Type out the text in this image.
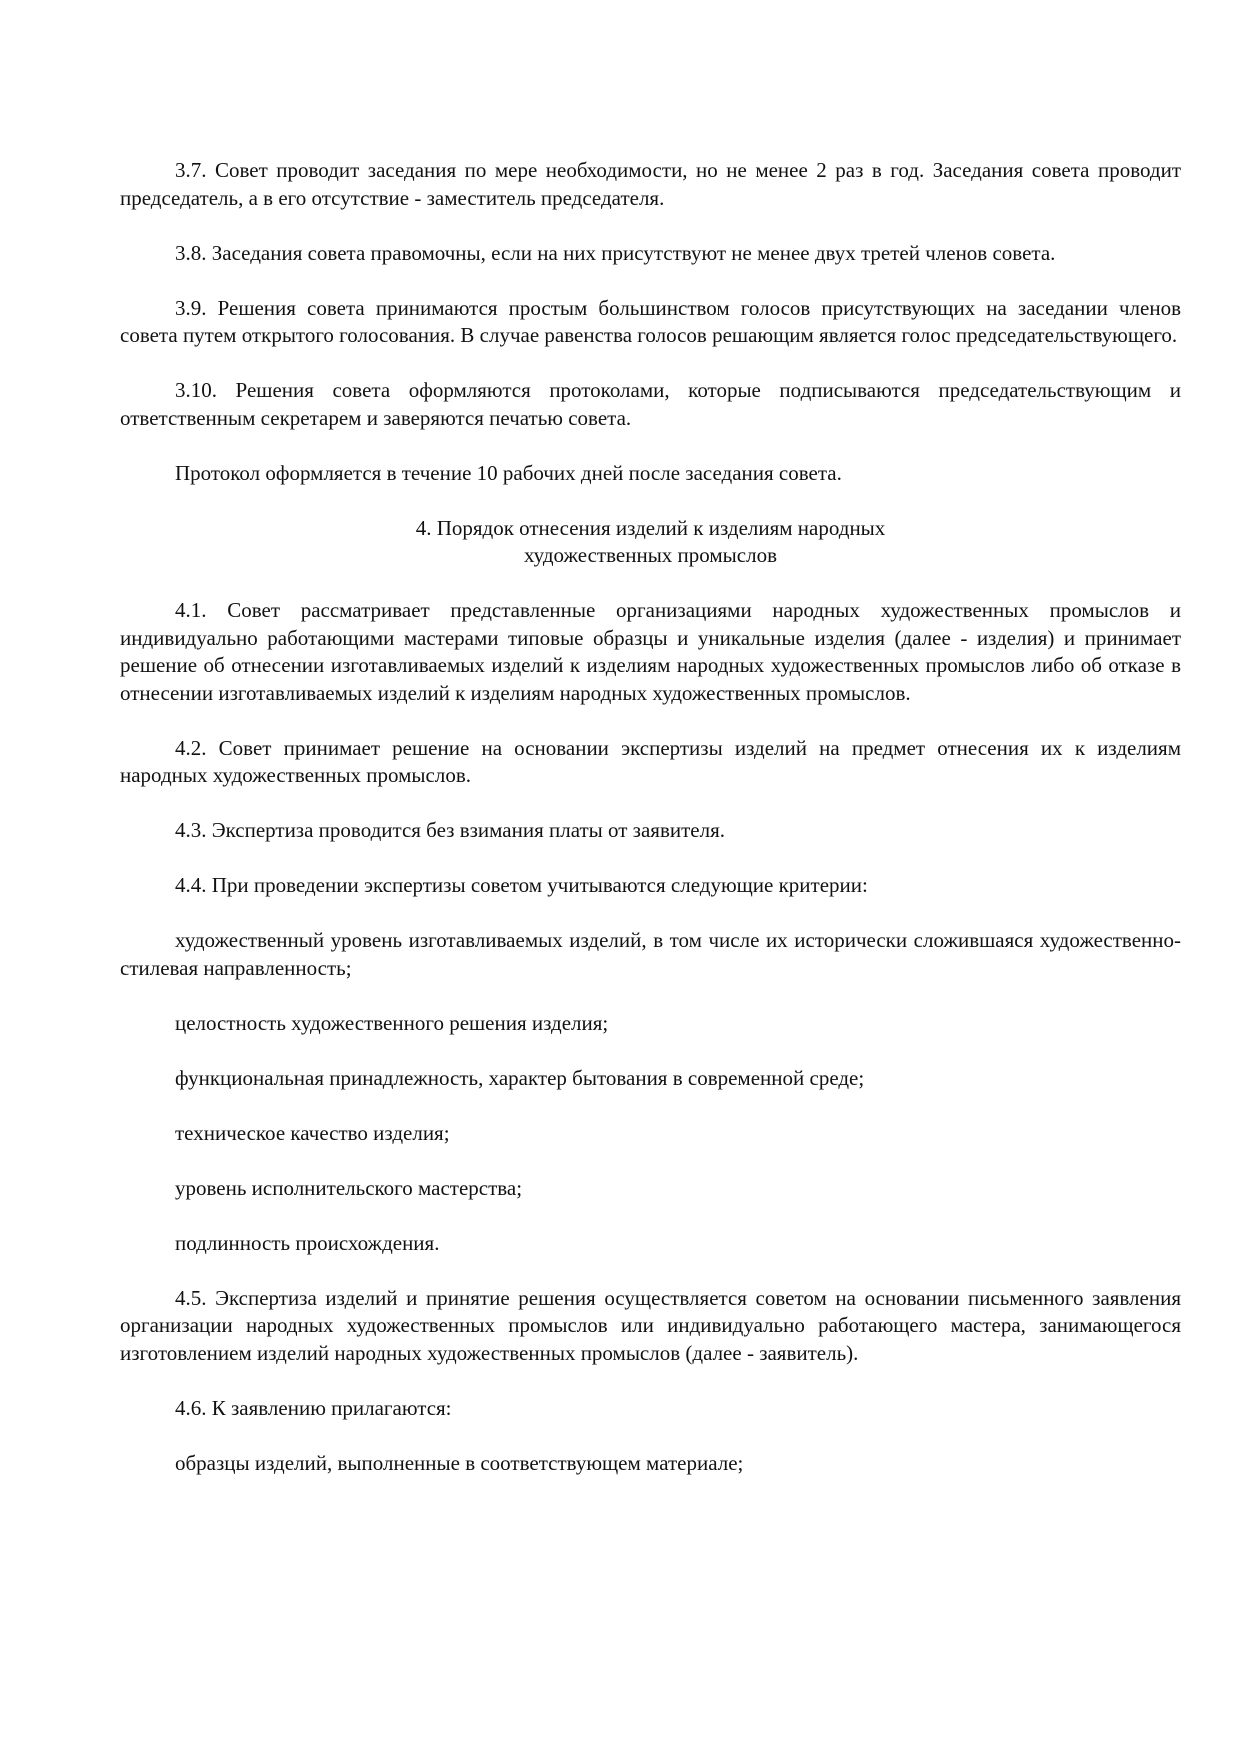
3.7. Совет проводит заседания по мере необходимости, но не менее 2 раз в год. Заседания совета проводит председатель, а в его отсутствие - заместитель председателя.

3.8. Заседания совета правомочны, если на них присутствуют не менее двух третей членов совета.

3.9. Решения совета принимаются простым большинством голосов присутствующих на заседании членов совета путем открытого голосования. В случае равенства голосов решающим является голос председательствующего.

3.10. Решения совета оформляются протоколами, которые подписываются председательствующим и ответственным секретарем и заверяются печатью совета.

Протокол оформляется в течение 10 рабочих дней после заседания совета.

4. Порядок отнесения изделий к изделиям народных
художественных промыслов

4.1. Совет рассматривает представленные организациями народных художественных промыслов и индивидуально работающими мастерами типовые образцы и уникальные изделия (далее - изделия) и принимает решение об отнесении изготавливаемых изделий к изделиям народных художественных промыслов либо об отказе в отнесении изготавливаемых изделий к изделиям народных художественных промыслов.

4.2. Совет принимает решение на основании экспертизы изделий на предмет отнесения их к изделиям народных художественных промыслов.

4.3. Экспертиза проводится без взимания платы от заявителя.

4.4. При проведении экспертизы советом учитываются следующие критерии:

художественный уровень изготавливаемых изделий, в том числе их исторически сложившаяся художественно-стилевая направленность;

целостность художественного решения изделия;

функциональная принадлежность, характер бытования в современной среде;

техническое качество изделия;

уровень исполнительского мастерства;

подлинность происхождения.

4.5. Экспертиза изделий и принятие решения осуществляется советом на основании письменного заявления организации народных художественных промыслов или индивидуально работающего мастера, занимающегося изготовлением изделий народных художественных промыслов (далее - заявитель).

4.6. К заявлению прилагаются:

образцы изделий, выполненные в соответствующем материале;
